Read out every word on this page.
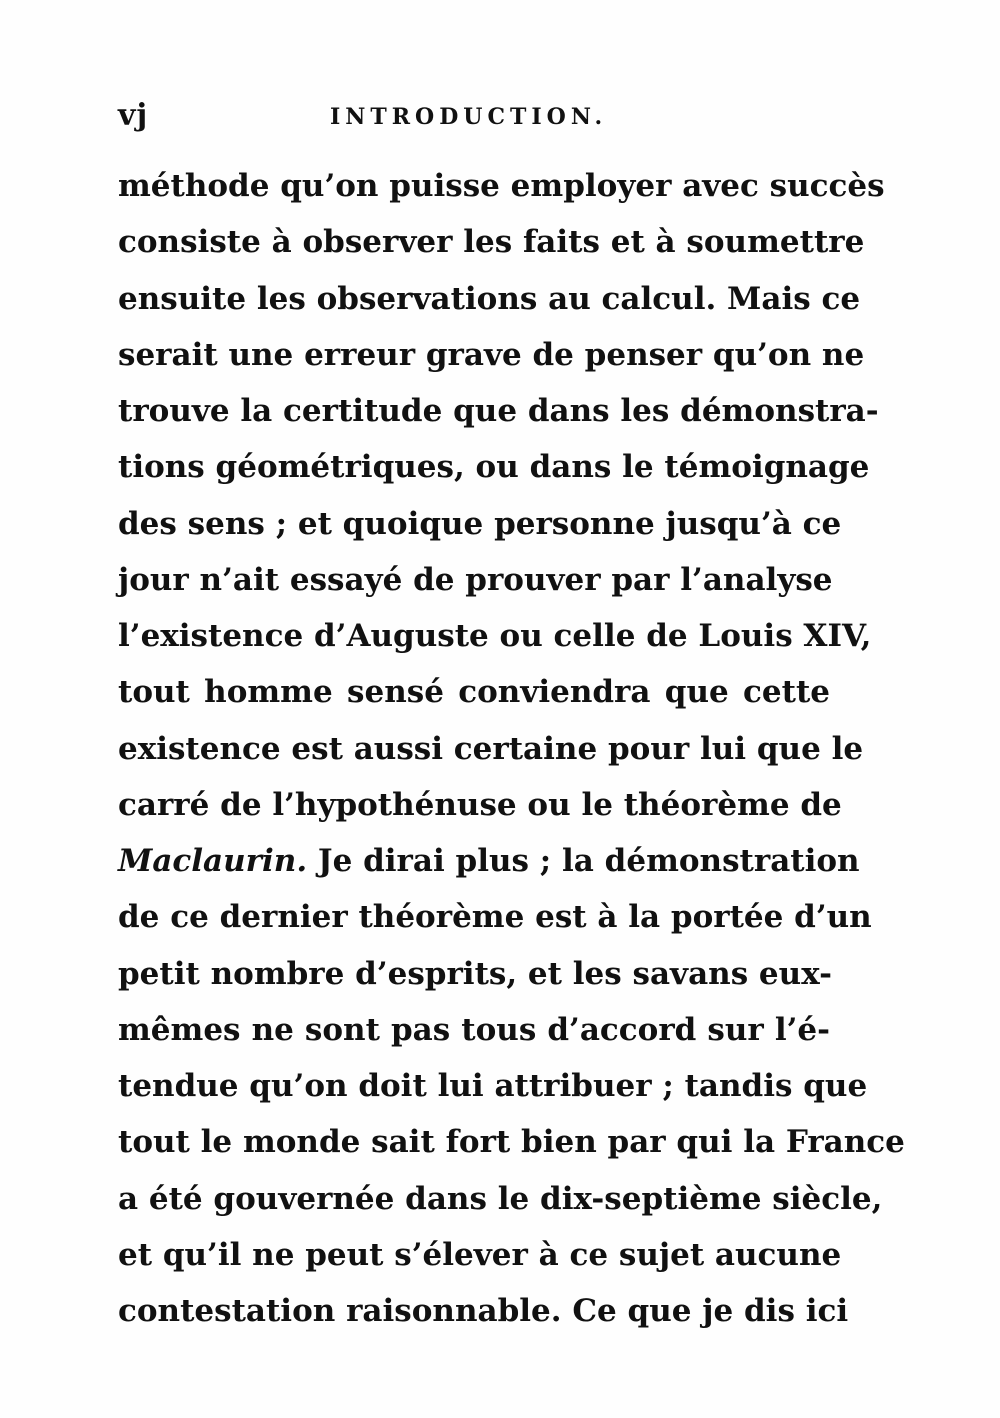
vj	INTRODUCTION.
méthode qu’on puisse employer avec succès
consiste à observer les faits et à soumettre
ensuite les observations au calcul. Mais ce
serait une erreur grave de penser qu’on ne
trouve la certitude que dans les démonstra-
tions géométriques, ou dans le témoignage
des sens ; et quoique personne jusqu’à ce
jour n’ait essayé de prouver par l’analyse
l’existence d’Auguste ou celle de Louis XIV,
tout homme sensé conviendra que cette
existence est aussi certaine pour lui que le
carré de l’hypothénuse ou le théorème de
Maclaurin. Je dirai plus ; la démonstration
de ce dernier théorème est à la portée d’un
petit nombre d’esprits, et les savans eux-
mêmes ne sont pas tous d’accord sur l’é-
tendue qu’on doit lui attribuer ; tandis que
tout le monde sait fort bien par qui la France
a été gouvernée dans le dix-septième siècle,
et qu’il ne peut s’élever à ce sujet aucune
contestation raisonnable. Ce que je dis ici
